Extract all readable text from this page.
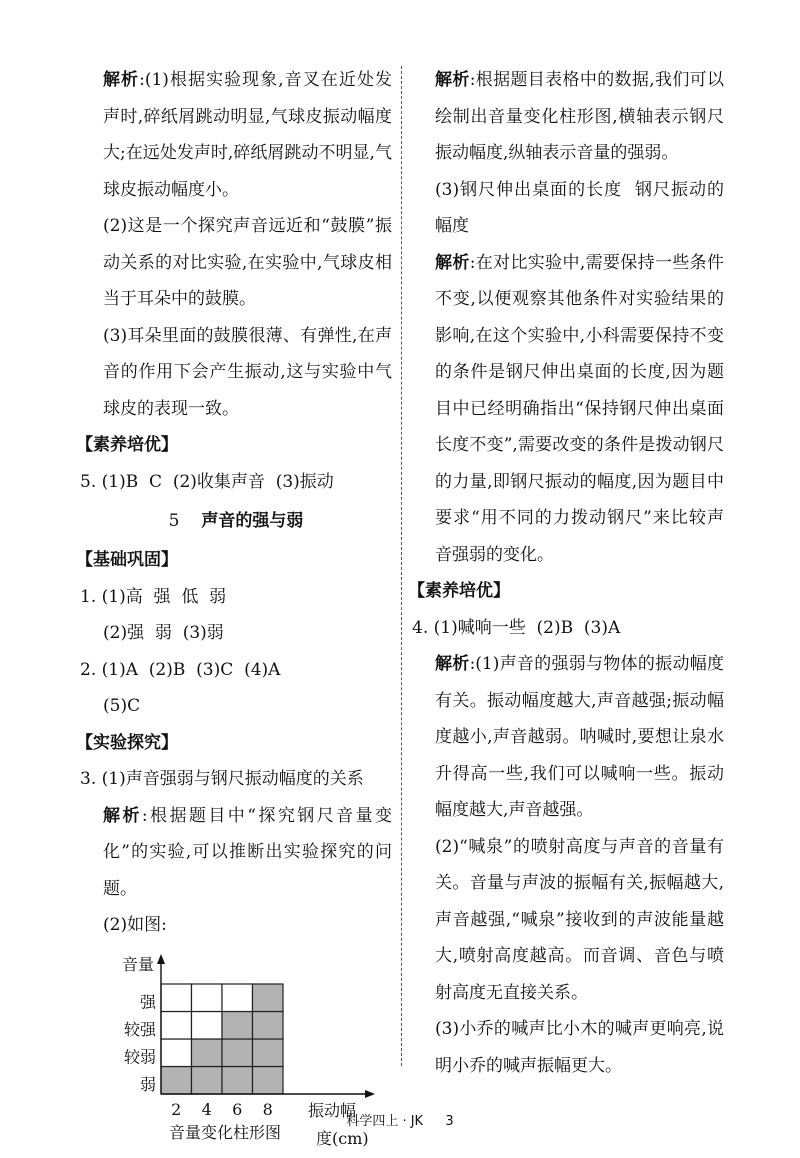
解析:(1)根据实验现象,音叉在近处发声时,碎纸屑跳动明显,气球皮振动幅度大;在远处发声时,碎纸屑跳动不明显,气球皮振动幅度小。

(2)这是一个探究声音远近和“鼓膜”振动关系的对比实验,在实验中,气球皮相当于耳朵中的鼓膜。

(3)耳朵里面的鼓膜很薄、有弹性,在声音的作用下会产生振动,这与实验中气球皮的表现一致。

【素养培优】

5. (1)B  C  (2)收集声音  (3)振动

5 声音的强与弱

【基础巩固】

1. (1)高  强  低  弱

(2)强  弱  (3)弱

2. (1)A  (2)B  (3)C  (4)A

(5)C

【实验探究】

3. (1)声音强弱与钢尺振动幅度的关系

解析:根据题目中“探究钢尺音量变化”的实验,可以推断出实验探究的问题。

(2)如图:

音量
弱
较弱
较强
强
2 4 6 8 振动幅
度(cm)
音量变化柱形图

解析:根据题目表格中的数据,我们可以绘制出音量变化柱形图,横轴表示钢尺振动幅度,纵轴表示音量的强弱。

(3)钢尺伸出桌面的长度  钢尺振动的幅度

解析:在对比实验中,需要保持一些条件不变,以便观察其他条件对实验结果的影响,在这个实验中,小科需要保持不变的条件是钢尺伸出桌面的长度,因为题目中已经明确指出“保持钢尺伸出桌面长度不变”,需要改变的条件是拨动钢尺的力量,即钢尺振动的幅度,因为题目中要求“用不同的力拨动钢尺”来比较声音强弱的变化。

【素养培优】

4. (1)喊响一些  (2)B  (3)A

解析:(1)声音的强弱与物体的振动幅度有关。振动幅度越大,声音越强;振动幅度越小,声音越弱。呐喊时,要想让泉水升得高一些,我们可以喊响一些。振动幅度越大,声音越强。

(2)“喊泉”的喷射高度与声音的音量有关。音量与声波的振幅有关,振幅越大,声音越强,“喊泉”接收到的声波能量越大,喷射高度越高。而音调、音色与喷射高度无直接关系。

(3)小乔的喊声比小木的喊声更响亮,说明小乔的喊声振幅更大。

科学四上 · JK 3
